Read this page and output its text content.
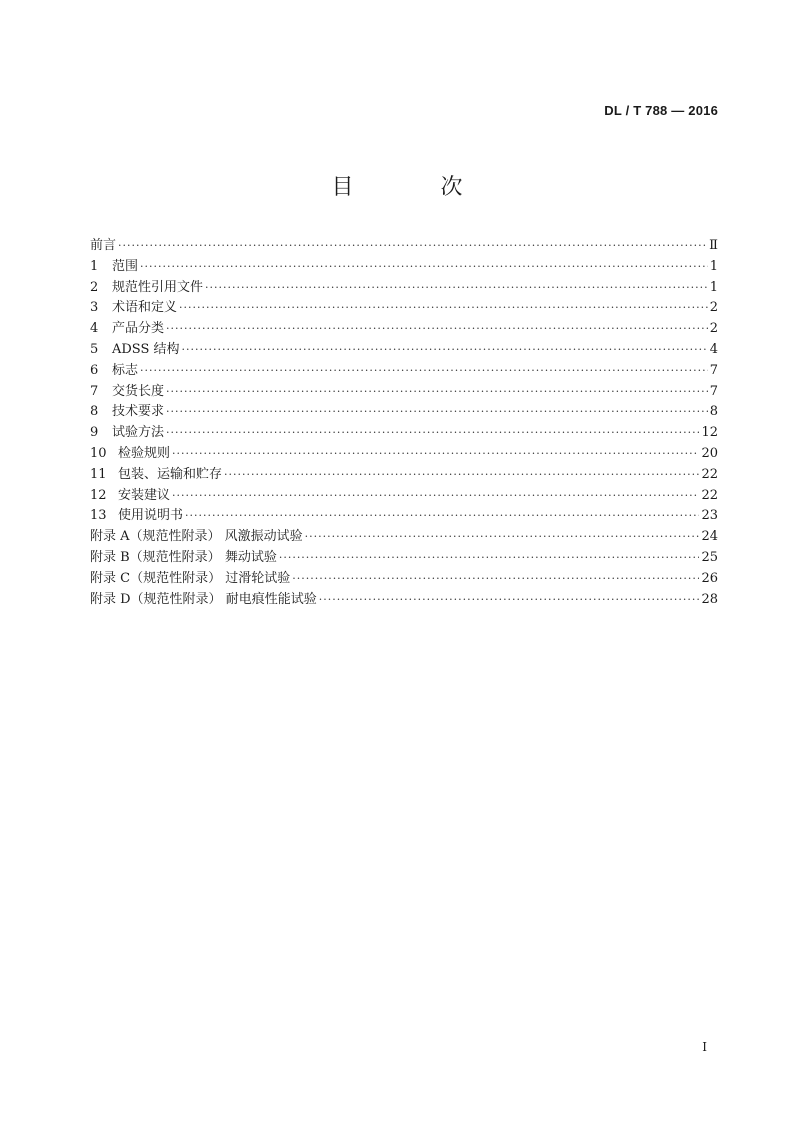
DL / T 788 — 2016
目 次
前言 ·····	Ⅱ
1	范围 ·····	1
2	规范性引用文件 ·····	1
3	术语和定义 ·····	2
4	产品分类 ·····	2
5	ADSS 结构 ·····	4
6	标志 ·····	7
7	交货长度 ·····	7
8	技术要求 ·····	8
9	试验方法 ·····	12
10 检验规则 ·····	20
11 包装、运输和贮存 ·····	22
12 安装建议 ·····	22
13 使用说明书 ·····	23
附录 A（规范性附录） 风激振动试验 ·····	24
附录 B（规范性附录） 舞动试验 ·····	25
附录 C（规范性附录） 过滑轮试验 ·····	26
附录 D（规范性附录） 耐电痕性能试验 ·····	28
I
